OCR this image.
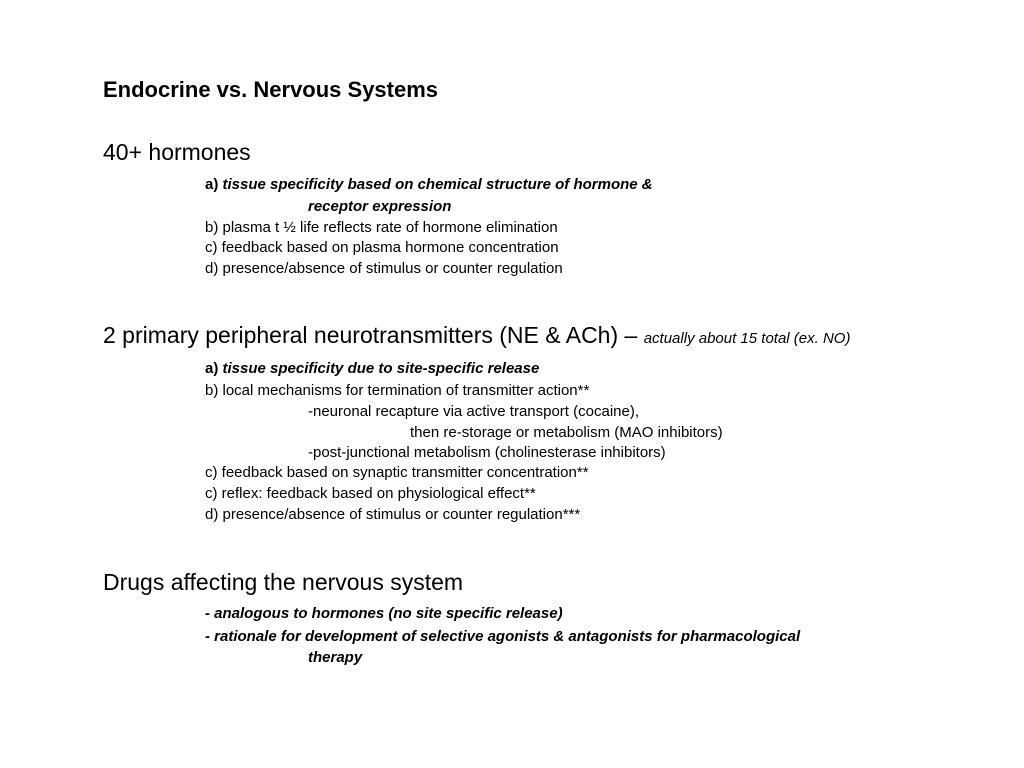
Endocrine vs. Nervous Systems
40+ hormones
a) tissue specificity based on chemical structure of hormone &
receptor expression
b) plasma t ½ life reflects rate of hormone elimination
c) feedback based on plasma hormone concentration
d) presence/absence of stimulus or counter regulation
2 primary peripheral neurotransmitters (NE & ACh) – actually about 15 total (ex. NO)
a) tissue specificity due to site-specific release
b) local mechanisms for termination of transmitter action**
-neuronal recapture via active transport (cocaine),
then re-storage or metabolism (MAO inhibitors)
-post-junctional metabolism (cholinesterase inhibitors)
c) feedback based on synaptic transmitter concentration**
c) reflex: feedback based on physiological effect**
d) presence/absence of stimulus or counter regulation***
Drugs affecting the nervous system
- analogous to hormones (no site specific release)
- rationale for development of selective agonists & antagonists for pharmacological
therapy
